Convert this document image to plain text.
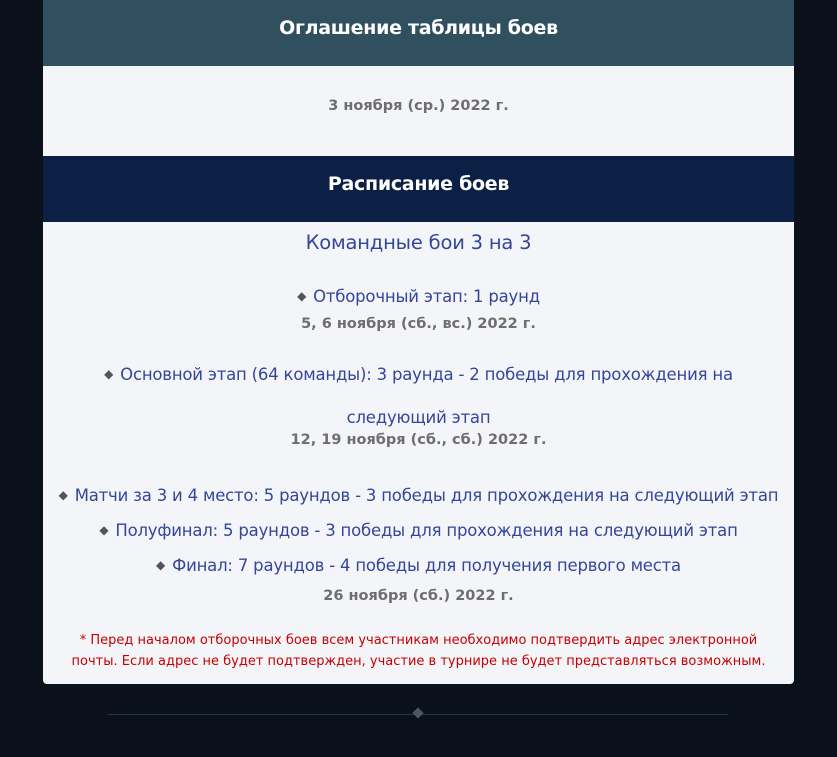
Оглашение таблицы боев
3 ноября (ср.) 2022 г.
Расписание боев
Командные бои 3 на 3
◆ Отборочный этап: 1 раунд
5, 6 ноября (сб., вс.) 2022 г.
◆ Основной этап (64 команды): 3 раунда - 2 победы для прохождения на следующий этап
12, 19 ноября (сб., сб.) 2022 г.
◆ Матчи за 3 и 4 место: 5 раундов - 3 победы для прохождения на следующий этап
◆ Полуфинал: 5 раундов - 3 победы для прохождения на следующий этап
◆ Финал: 7 раундов - 4 победы для получения первого места
26 ноября (сб.) 2022 г.
* Перед началом отборочных боев всем участникам необходимо подтвердить адрес электронной почты. Если адрес не будет подтвержден, участие в турнире не будет представляться возможным.
